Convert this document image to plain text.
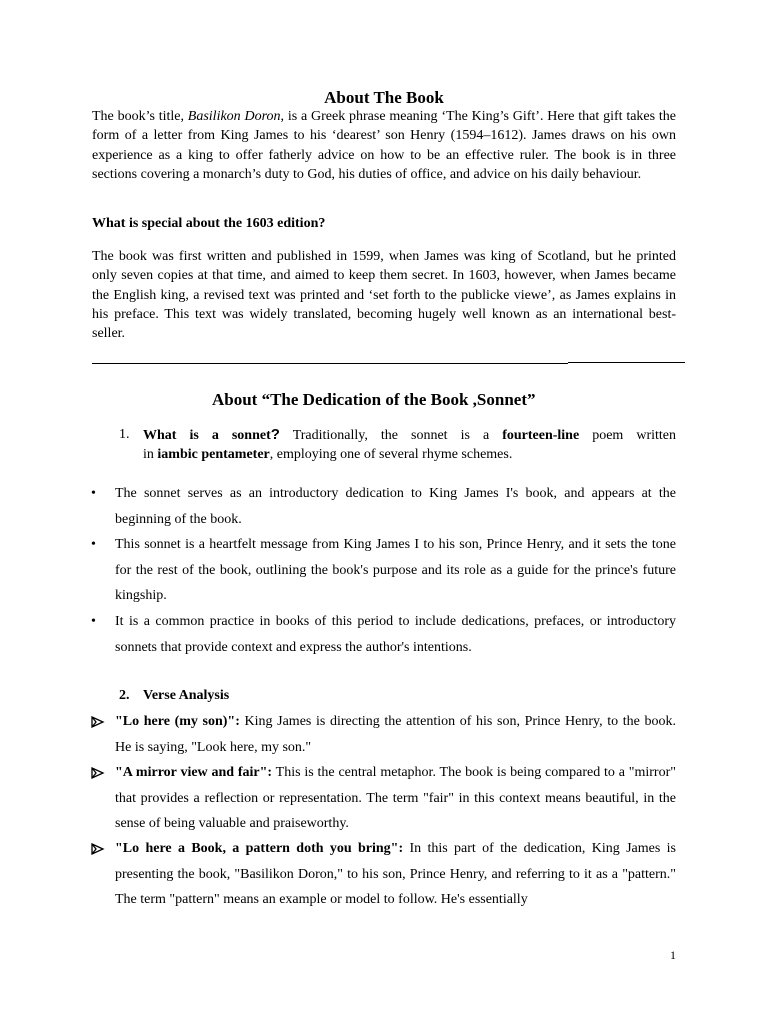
About The Book
The book’s title, Basilikon Doron, is a Greek phrase meaning ‘The King’s Gift’. Here that gift takes the form of a letter from King James to his ‘dearest’ son Henry (1594–1612). James draws on his own experience as a king to offer fatherly advice on how to be an effective ruler. The book is in three sections covering a monarch’s duty to God, his duties of office, and advice on his daily behaviour.
What is special about the 1603 edition?
The book was first written and published in 1599, when James was king of Scotland, but he printed only seven copies at that time, and aimed to keep them secret. In 1603, however, when James became the English king, a revised text was printed and ‘set forth to the publicke viewe’, as James explains in his preface. This text was widely translated, becoming hugely well known as an international best-seller.
About “The Dedication of the Book ,Sonnet”
1. What is a sonnet? Traditionally, the sonnet is a fourteen-line poem written
in iambic pentameter, employing one of several rhyme schemes.
• The sonnet serves as an introductory dedication to King James I's book, and appears at the beginning of the book.
• This sonnet is a heartfelt message from King James I to his son, Prince Henry, and it sets the tone for the rest of the book, outlining the book's purpose and its role as a guide for the prince's future kingship.
• It is a common practice in books of this period to include dedications, prefaces, or introductory sonnets that provide context and express the author's intentions.
2. Verse Analysis
"Lo here (my son)": King James is directing the attention of his son, Prince Henry, to the book. He is saying, "Look here, my son."
"A mirror view and fair": This is the central metaphor. The book is being compared to a "mirror" that provides a reflection or representation. The term "fair" in this context means beautiful, in the sense of being valuable and praiseworthy.
"Lo here a Book, a pattern doth you bring": In this part of the dedication, King James is presenting the book, "Basilikon Doron," to his son, Prince Henry, and referring to it as a "pattern." The term "pattern" means an example or model to follow. He's essentially
1
